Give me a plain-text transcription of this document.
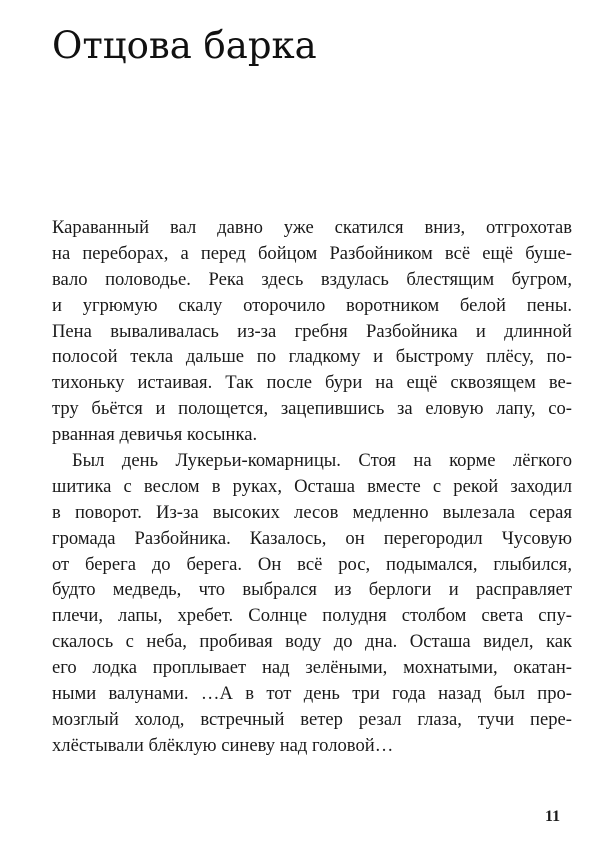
Отцова барка
Караванный вал давно уже скатился вниз, отгрохотав
на переборах, а перед бойцом Разбойником всё ещё буше-
вало половодье. Река здесь вздулась блестящим бугром,
и угрюмую скалу оторочило воротником белой пены.
Пена вываливалась из-за гребня Разбойника и длинной
полосой текла дальше по гладкому и быстрому плёсу, по-
тихоньку истаивая. Так после бури на ещё сквозящем ве-
тру бьётся и полощется, зацепившись за еловую лапу, со-
рванная девичья косынка.
Был день Лукерьи-комарницы. Стоя на корме лёгкого
шитика с веслом в руках, Осташа вместе с рекой заходил
в поворот. Из-за высоких лесов медленно вылезала серая
громада Разбойника. Казалось, он перегородил Чусовую
от берега до берега. Он всё рос, подымался, глыбился,
будто медведь, что выбрался из берлоги и расправляет
плечи, лапы, хребет. Солнце полудня столбом света спу-
скалось с неба, пробивая воду до дна. Осташа видел, как
его лодка проплывает над зелёными, мохнатыми, окатан-
ными валунами. …А в тот день три года назад был про-
мозглый холод, встречный ветер резал глаза, тучи пере-
хлёстывали блёклую синеву над головой…
11
